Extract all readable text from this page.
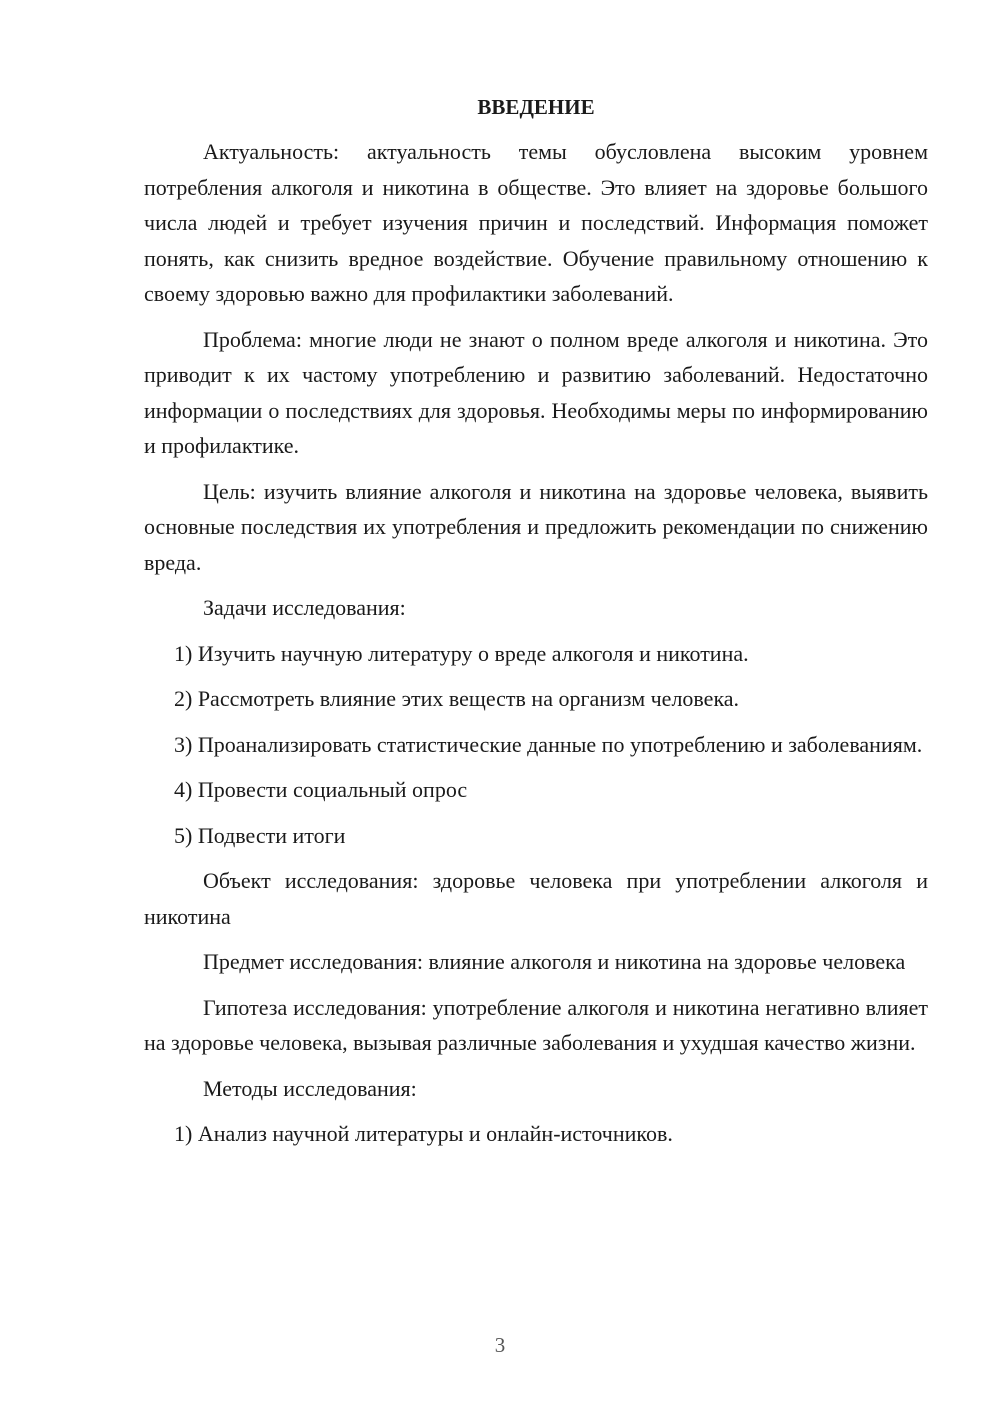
ВВЕДЕНИЕ

Актуальность: актуальность темы обусловлена высоким уровнем потребления алкоголя и никотина в обществе. Это влияет на здоровье большого числа людей и требует изучения причин и последствий. Информация поможет понять, как снизить вредное воздействие. Обучение правильному отношению к своему здоровью важно для профилактики заболеваний.

Проблема: многие люди не знают о полном вреде алкоголя и никотина. Это приводит к их частому употреблению и развитию заболеваний. Недостаточно информации о последствиях для здоровья. Необходимы меры по информированию и профилактике.

Цель: изучить влияние алкоголя и никотина на здоровье человека, выявить основные последствия их употребления и предложить рекомендации по снижению вреда.

Задачи исследования:

1) Изучить научную литературу о вреде алкоголя и никотина.

2) Рассмотреть влияние этих веществ на организм человека.

3) Проанализировать статистические данные по употреблению и заболеваниям.

4) Провести социальный опрос

5) Подвести итоги

Объект исследования: здоровье человека при употреблении алкоголя и никотина

Предмет исследования: влияние алкоголя и никотина на здоровье человека

Гипотеза исследования: употребление алкоголя и никотина негативно влияет на здоровье человека, вызывая различные заболевания и ухудшая качество жизни.

Методы исследования:

1) Анализ научной литературы и онлайн-источников.

3
